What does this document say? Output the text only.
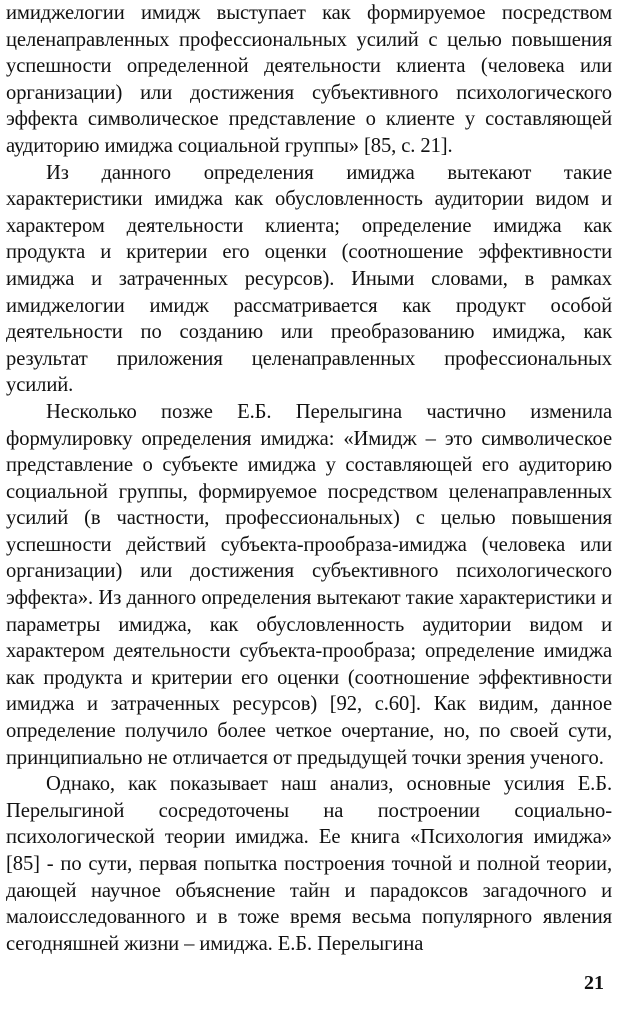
имиджелогии имидж выступает как формируемое посредством целенаправленных профессиональных усилий с целью повышения успешности определенной деятельности клиента (человека или организации) или достижения субъективного психологического эффекта символическое представление о клиенте у составляющей аудиторию имиджа социальной группы» [85, с. 21].

Из данного определения имиджа вытекают такие характеристики имиджа как обусловленность аудитории видом и характером деятельности клиента; определение имиджа как продукта и критерии его оценки (соотношение эффективности имиджа и затраченных ресурсов). Иными словами, в рамках имиджелогии имидж рассматривается как продукт особой деятельности по созданию или преобразованию имиджа, как результат приложения целенаправленных профессиональных усилий.

Несколько позже Е.Б. Перелыгина частично изменила формулировку определения имиджа: «Имидж – это символическое представление о субъекте имиджа у составляющей его аудиторию социальной группы, формируемое посредством целенаправленных усилий (в частности, профессиональных) с целью повышения успешности действий субъекта-прообраза-имиджа (человека или организации) или достижения субъективного психологического эффекта». Из данного определения вытекают такие характеристики и параметры имиджа, как обусловленность аудитории видом и характером деятельности субъекта-прообраза; определение имиджа как продукта и критерии его оценки (соотношение эффективности имиджа и затраченных ресурсов) [92, с.60]. Как видим, данное определение получило более четкое очертание, но, по своей сути, принципиально не отличается от предыдущей точки зрения ученого.

Однако, как показывает наш анализ, основные усилия Е.Б. Перелыгиной сосредоточены на построении социально-психологической теории имиджа. Ее книга «Психология имиджа» [85] - по сути, первая попытка построения точной и полной теории, дающей научное объяснение тайн и парадоксов загадочного и малоисследованного и в тоже время весьма популярного явления сегодняшней жизни – имиджа. Е.Б. Перелыгина

21
